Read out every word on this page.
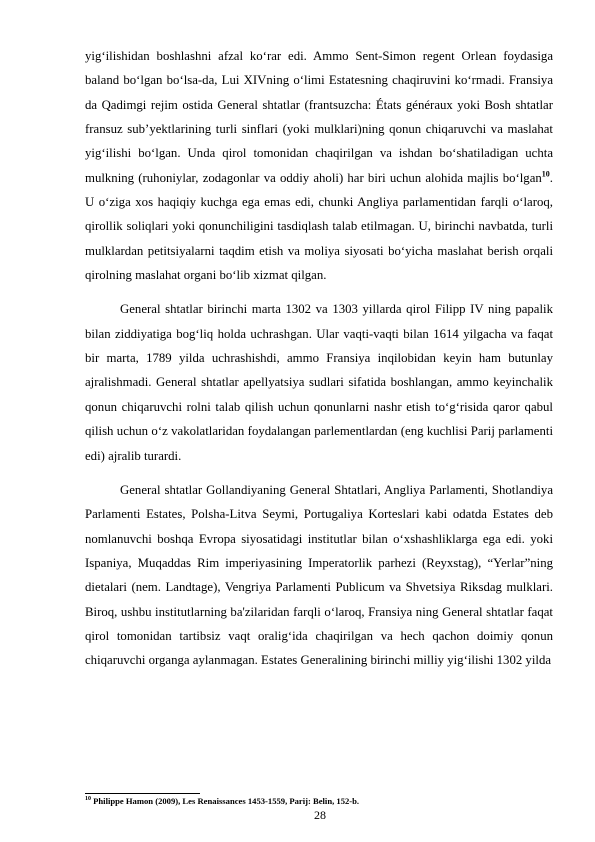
yig‘ilishidan boshlashni afzal ko‘rar edi. Ammo Sent-Simon regent Orlean foydasiga baland bo‘lgan bo‘lsa-da, Lui XIVning o‘limi Estatesning chaqiruvini ko‘rmadi. Fransiya da Qadimgi rejim ostida General shtatlar (frantsuzcha: États généraux yoki Bosh shtatlar fransuz sub’yektlarining turli sinflari (yoki mulklari)ning qonun chiqaruvchi va maslahat yig‘ilishi bo‘lgan. Unda qirol tomonidan chaqirilgan va ishdan bo‘shatiladigan uchta mulkning (ruhoniylar, zodagonlar va oddiy aholi) har biri uchun alohida majlis bo‘lgan$^{10}$. U o‘ziga xos haqiqiy kuchga ega emas edi, chunki Angliya parlamentidan farqli o‘laroq, qirollik soliqlari yoki qonunchiligini tasdiqlash talab etilmagan. U, birinchi navbatda, turli mulklardan petitsiyalarni taqdim etish va moliya siyosati bo‘yicha maslahat berish orqali qirolning maslahat organi bo‘lib xizmat qilgan.

General shtatlar birinchi marta 1302 va 1303 yillarda qirol Filipp IV ning papalik bilan ziddiyatiga bog‘liq holda uchrashgan. Ular vaqti-vaqti bilan 1614 yilgacha va faqat bir marta, 1789 yilda uchrashishdi, ammo Fransiya inqilobidan keyin ham butunlay ajralishmadi. General shtatlar apellyatsiya sudlari sifatida boshlangan, ammo keyinchalik qonun chiqaruvchi rolni talab qilish uchun qonunlarni nashr etish to‘g‘risida qaror qabul qilish uchun o‘z vakolatlaridan foydalangan parlementlardan (eng kuchlisi Parij parlamenti edi) ajralib turardi.

General shtatlar Gollandiyaning General Shtatlari, Angliya Parlamenti, Shotlandiya Parlamenti Estates, Polsha-Litva Seymi, Portugaliya Korteslari kabi odatda Estates deb nomlanuvchi boshqa Evropa siyosatidagi institutlar bilan o‘xshashliklarga ega edi. yoki Ispaniya, Muqaddas Rim imperiyasining Imperatorlik parhezi (Reyxstag), “Yerlar”ning dietalari (nem. Landtage), Vengriya Parlamenti Publicum va Shvetsiya Riksdag mulklari. Biroq, ushbu institutlarning ba'zilaridan farqli o‘laroq, Fransiya ning General shtatlar faqat qirol tomonidan tartibsiz vaqt oralig‘ida chaqirilgan va hech qachon doimiy qonun chiqaruvchi organga aylanmagan. Estates Generalining birinchi milliy yig‘ilishi 1302 yilda

$^{10}$ Philippe Hamon (2009), Les Renaissances 1453-1559, Parij: Belin, 152-b.
28
